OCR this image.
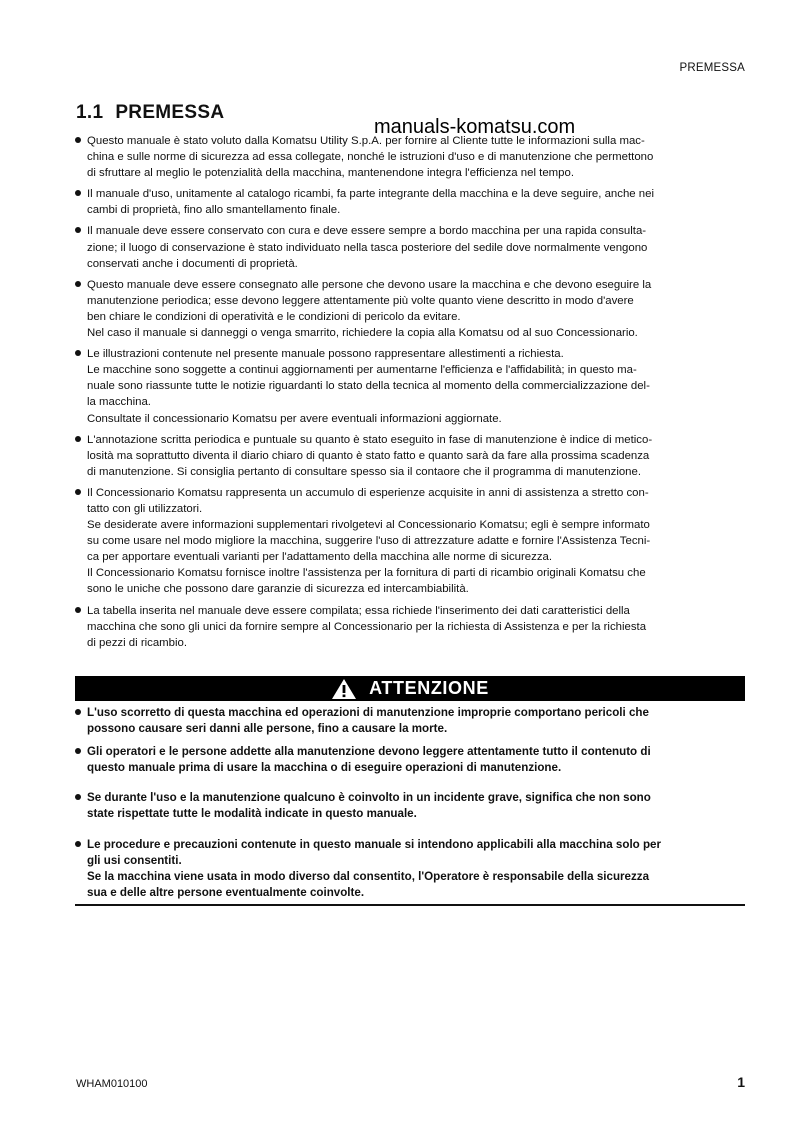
PREMESSA
1.1 PREMESSA
Questo manuale è stato voluto dalla Komatsu Utility S.p.A. per fornire al Cliente tutte le informazioni sulla mac-
china e sulle norme di sicurezza ad essa collegate, nonché le istruzioni d'uso e di manutenzione che permettono
di sfruttare al meglio le potenzialità della macchina, mantenendone integra l'efficienza nel tempo.
Il manuale d'uso, unitamente al catalogo ricambi, fa parte integrante della macchina e la deve seguire, anche nei
cambi di proprietà, fino allo smantellamento finale.
Il manuale deve essere conservato con cura e deve essere sempre a bordo macchina per una rapida consulta-
zione; il luogo di conservazione è stato individuato nella tasca posteriore del sedile dove normalmente vengono
conservati anche i documenti di proprietà.
Questo manuale deve essere consegnato alle persone che devono usare la macchina e che devono eseguire la
manutenzione periodica; esse devono leggere attentamente più volte quanto viene descritto in modo d'avere
ben chiare le condizioni di operatività e le condizioni di pericolo da evitare.
Nel caso il manuale si danneggi o venga smarrito, richiedere la copia alla Komatsu od al suo Concessionario.
Le illustrazioni contenute nel presente manuale possono rappresentare allestimenti a richiesta.
Le macchine sono soggette a continui aggiornamenti per aumentarne l'efficienza e l'affidabilità; in questo ma-
nuale sono riassunte tutte le notizie riguardanti lo stato della tecnica al momento della commercializzazione del-
la macchina.
Consultate il concessionario Komatsu per avere eventuali informazioni aggiornate.
L'annotazione scritta periodica e puntuale su quanto è stato eseguito in fase di manutenzione è indice di metico-
losità ma soprattutto diventa il diario chiaro di quanto è stato fatto e quanto sarà da fare alla prossima scadenza
di manutenzione. Si consiglia pertanto di consultare spesso sia il contaore che il programma di manutenzione.
Il Concessionario Komatsu rappresenta un accumulo di esperienze acquisite in anni di assistenza a stretto con-
tatto con gli utilizzatori.
Se desiderate avere informazioni supplementari rivolgetevi al Concessionario Komatsu; egli è sempre informato
su come usare nel modo migliore la macchina, suggerire l'uso di attrezzature adatte e fornire l'Assistenza Tecni-
ca per apportare eventuali varianti per l'adattamento della macchina alle norme di sicurezza.
Il Concessionario Komatsu fornisce inoltre l'assistenza per la fornitura di parti di ricambio originali Komatsu che
sono le uniche che possono dare garanzie di sicurezza ed intercambiabilità.
La tabella inserita nel manuale deve essere compilata; essa richiede l'inserimento dei dati caratteristici della
macchina che sono gli unici da fornire sempre al Concessionario per la richiesta di Assistenza e per la richiesta
di pezzi di ricambio.
manuals-komatsu.com
ATTENZIONE
L'uso scorretto di questa macchina ed operazioni di manutenzione improprie comportano pericoli che
possono causare seri danni alle persone, fino a causare la morte.
Gli operatori e le persone addette alla manutenzione devono leggere attentamente tutto il contenuto di
questo manuale prima di usare la macchina o di eseguire operazioni di manutenzione.
Se durante l'uso e la manutenzione qualcuno è coinvolto in un incidente grave, significa che non sono
state rispettate tutte le modalità indicate in questo manuale.
Le procedure e precauzioni contenute in questo manuale si intendono applicabili alla macchina solo per
gli usi consentiti.
Se la macchina viene usata in modo diverso dal consentito, l'Operatore è responsabile della sicurezza
sua e delle altre persone eventualmente coinvolte.
WHAM010100	1
